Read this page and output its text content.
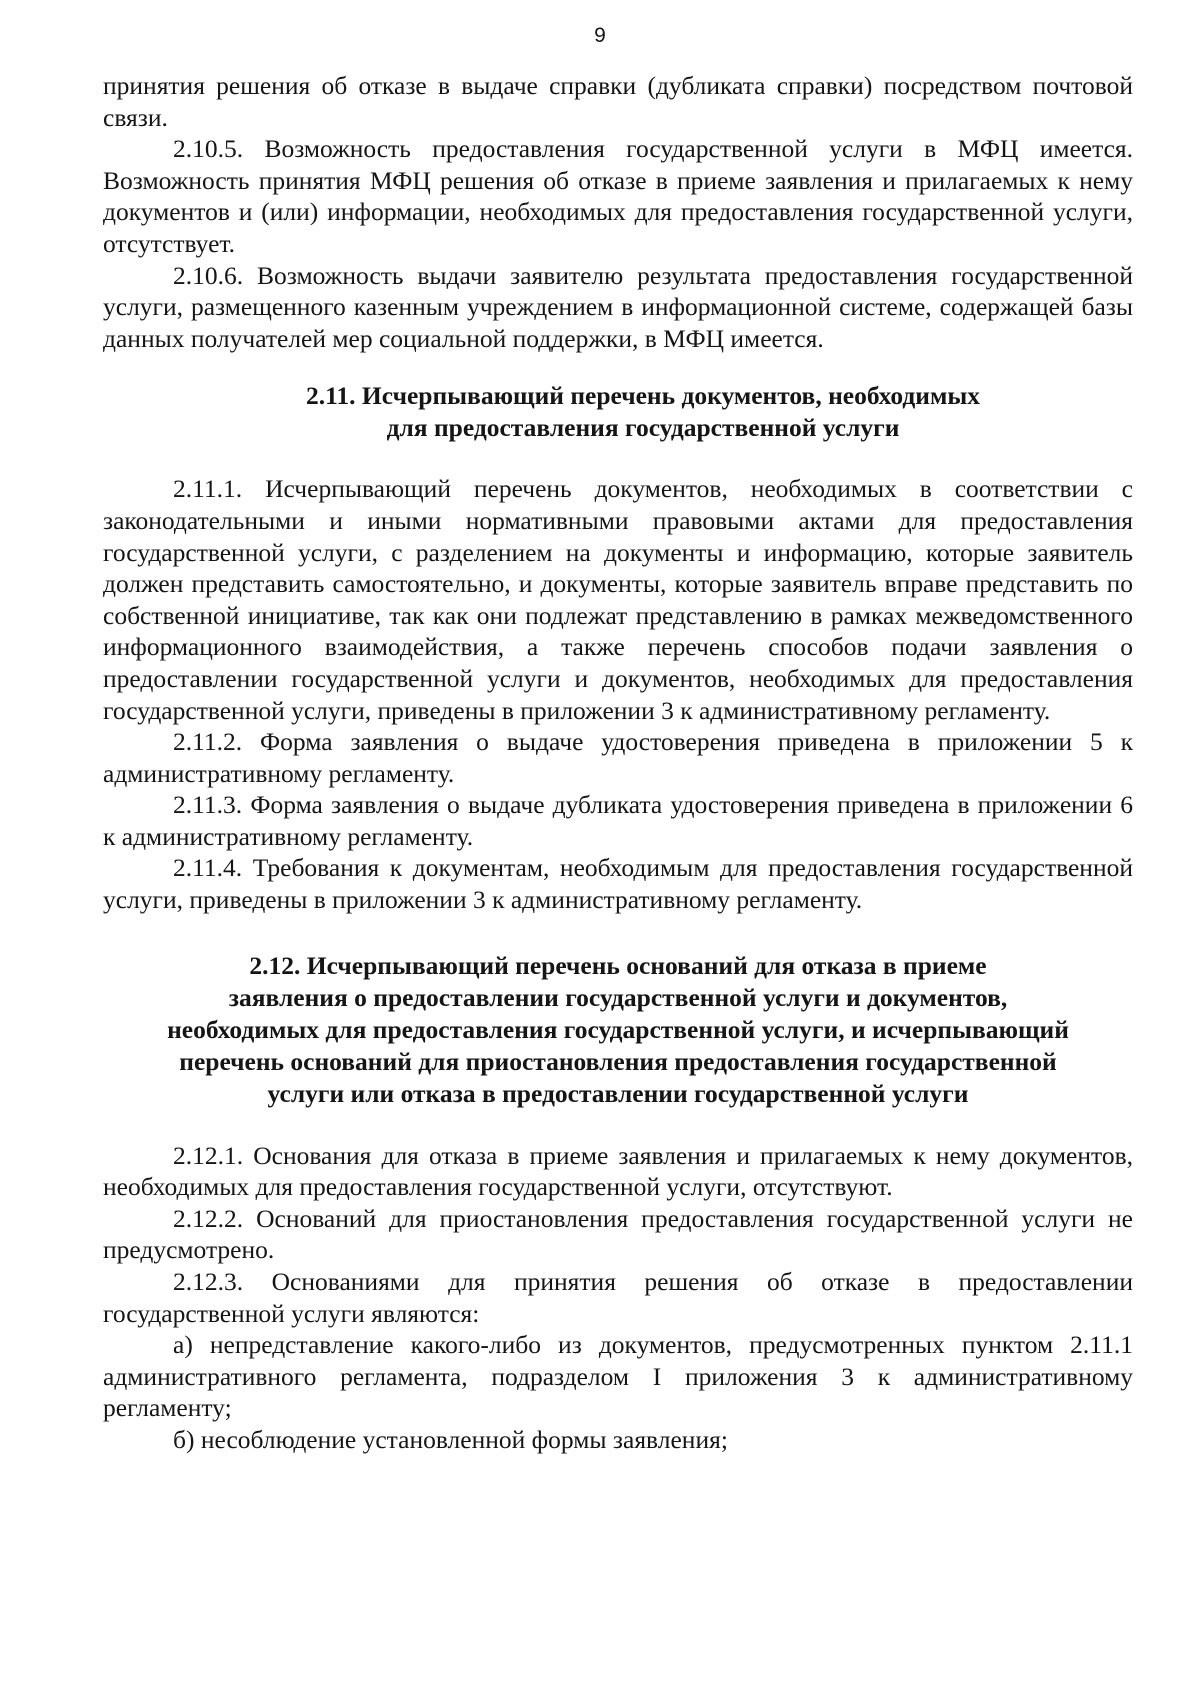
9

принятия решения об отказе в выдаче справки (дубликата справки) посредством почтовой связи.

2.10.5. Возможность предоставления государственной услуги в МФЦ имеется. Возможность принятия МФЦ решения об отказе в приеме заявления и прилагаемых к нему документов и (или) информации, необходимых для предоставления государственной услуги, отсутствует.

2.10.6. Возможность выдачи заявителю результата предоставления государственной услуги, размещенного казенным учреждением в информационной системе, содержащей базы данных получателей мер социальной поддержки, в МФЦ имеется.

2.11. Исчерпывающий перечень документов, необходимых
для предоставления государственной услуги

2.11.1. Исчерпывающий перечень документов, необходимых в соответствии с законодательными и иными нормативными правовыми актами для предоставления государственной услуги, с разделением на документы и информацию, которые заявитель должен представить самостоятельно, и документы, которые заявитель вправе представить по собственной инициативе, так как они подлежат представлению в рамках межведомственного информационного взаимодействия, а также перечень способов подачи заявления о предоставлении государственной услуги и документов, необходимых для предоставления государственной услуги, приведены в приложении 3 к административному регламенту.

2.11.2. Форма заявления о выдаче удостоверения приведена в приложении 5 к административному регламенту.

2.11.3. Форма заявления о выдаче дубликата удостоверения приведена в приложении 6 к административному регламенту.

2.11.4. Требования к документам, необходимым для предоставления государственной услуги, приведены в приложении 3 к административному регламенту.

2.12. Исчерпывающий перечень оснований для отказа в приеме
заявления о предоставлении государственной услуги и документов,
необходимых для предоставления государственной услуги, и исчерпывающий
перечень оснований для приостановления предоставления государственной
услуги или отказа в предоставлении государственной услуги

2.12.1. Основания для отказа в приеме заявления и прилагаемых к нему документов, необходимых для предоставления государственной услуги, отсутствуют.

2.12.2. Оснований для приостановления предоставления государственной услуги не предусмотрено.

2.12.3. Основаниями для принятия решения об отказе в предоставлении государственной услуги являются:

а) непредставление какого-либо из документов, предусмотренных пунктом 2.11.1 административного регламента, подразделом I приложения 3 к административному регламенту;

б) несоблюдение установленной формы заявления;
